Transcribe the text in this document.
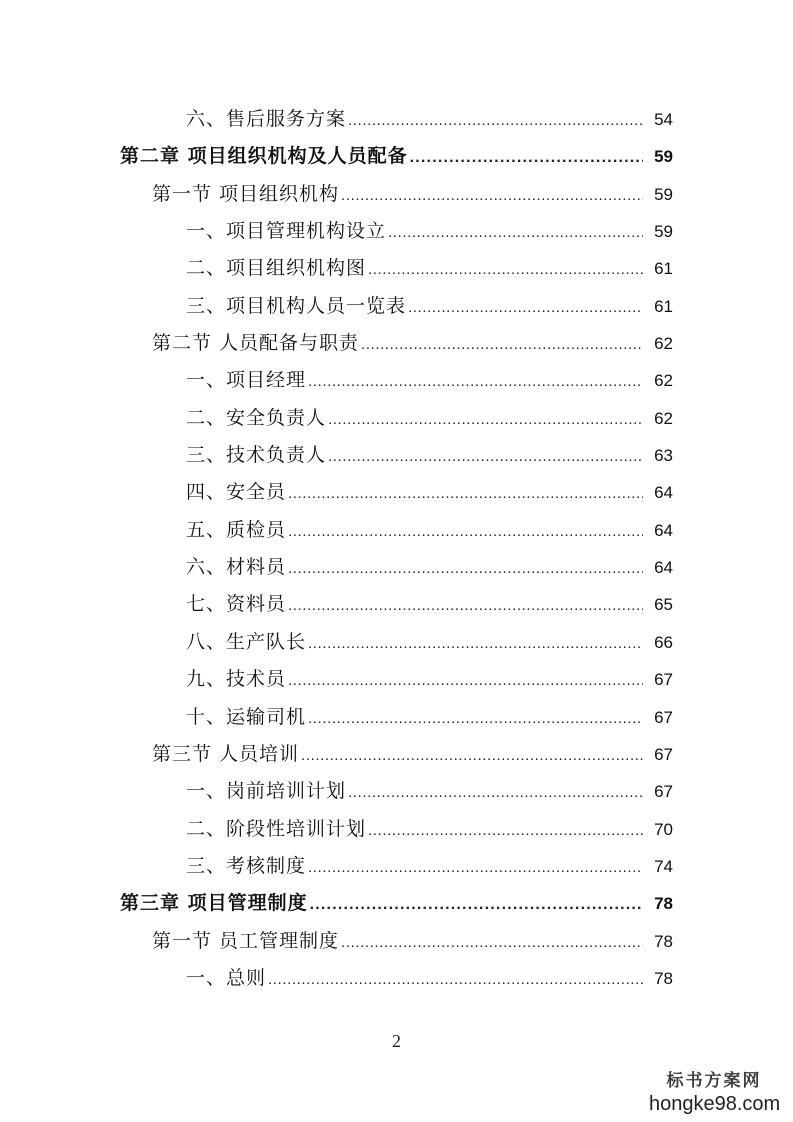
六、售后服务方案 .....	54
第二章 项目组织机构及人员配备 .....	59
第一节 项目组织机构 .....	59
一、项目管理机构设立 .....	59
二、项目组织机构图 .....	61
三、项目机构人员一览表 .....	61
第二节 人员配备与职责 .....	62
一、项目经理 .....	62
二、安全负责人 .....	62
三、技术负责人 .....	63
四、安全员 .....	64
五、质检员 .....	64
六、材料员 .....	64
七、资料员 .....	65
八、生产队长 .....	66
九、技术员 .....	67
十、运输司机 .....	67
第三节 人员培训 .....	67
一、岗前培训计划 .....	67
二、阶段性培训计划 .....	70
三、考核制度 .....	74
第三章 项目管理制度 .....	78
第一节 员工管理制度 .....	78
一、总则 .....	78
2
标书方案网
hongke98.com
